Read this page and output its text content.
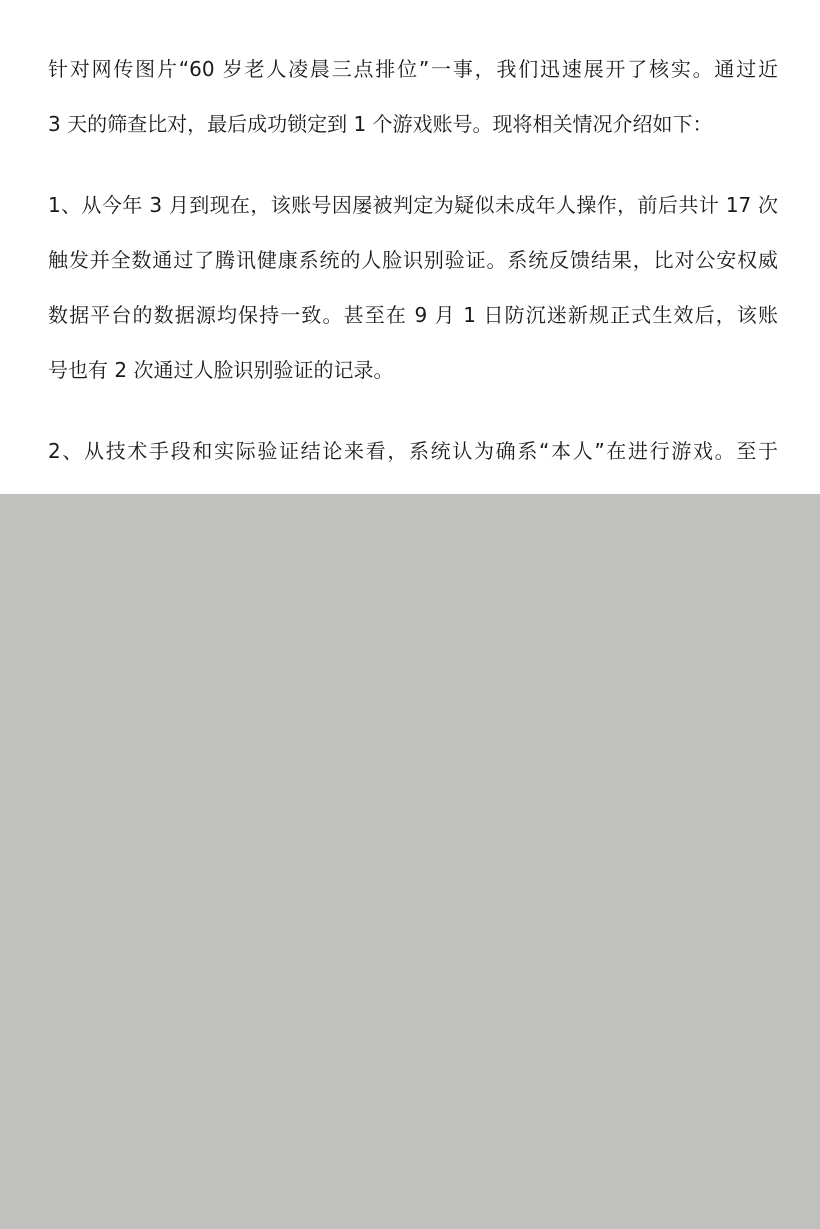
针对网传图片“60 岁老人凌晨三点排位”一事，我们迅速展开了核实。通过近
3 天的筛查比对，最后成功锁定到 1 个游戏账号。现将相关情况介绍如下：
1、从今年 3 月到现在，该账号因屡被判定为疑似未成年人操作，前后共计 17 次
触发并全数通过了腾讯健康系统的人脸识别验证。系统反馈结果，比对公安权威
数据平台的数据源均保持一致。甚至在 9 月 1 日防沉迷新规正式生效后，该账
号也有 2 次通过人脸识别验证的记录。
2、从技术手段和实际验证结论来看，系统认为确系“本人”在进行游戏。至于
